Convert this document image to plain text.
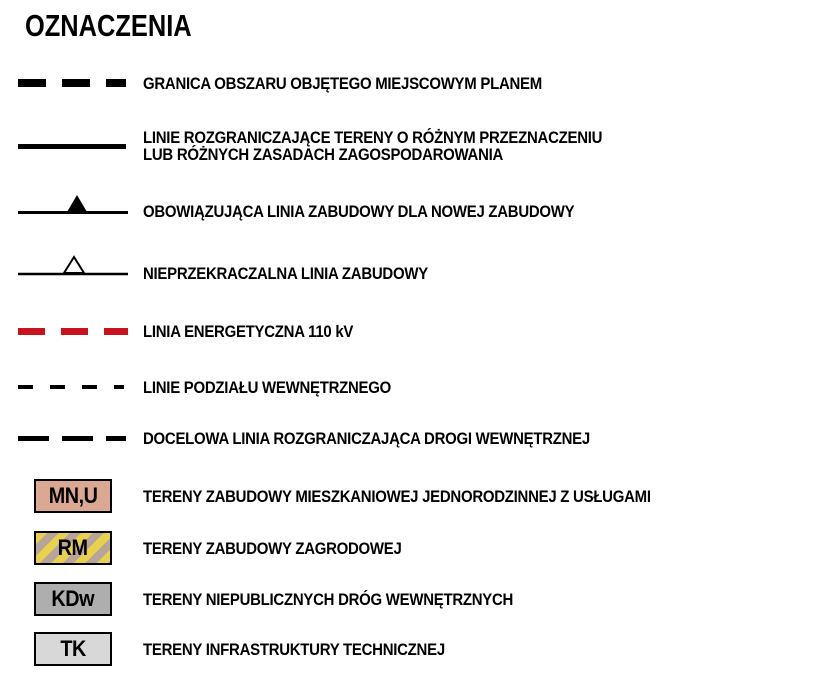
OZNACZENIA
GRANICA OBSZARU OBJĘTEGO MIEJSCOWYM PLANEM
LINIE ROZGRANICZAJĄCE TERENY O RÓŻNYM PRZEZNACZENIU
LUB RÓŻNYCH ZASADACH ZAGOSPODAROWANIA
OBOWIĄZUJĄCA LINIA ZABUDOWY DLA NOWEJ ZABUDOWY
NIEPRZEKRACZALNA LINIA ZABUDOWY
LINIA ENERGETYCZNA 110 kV
LINIE PODZIAŁU WEWNĘTRZNEGO
DOCELOWA LINIA ROZGRANICZAJĄCA DROGI WEWNĘTRZNEJ
MN,U	TERENY ZABUDOWY MIESZKANIOWEJ JEDNORODZINNEJ Z USŁUGAMI
RM	TERENY ZABUDOWY ZAGRODOWEJ
KDw	TERENY NIEPUBLICZNYCH DRÓG WEWNĘTRZNYCH
TK	TERENY INFRASTRUKTURY TECHNICZNEJ
